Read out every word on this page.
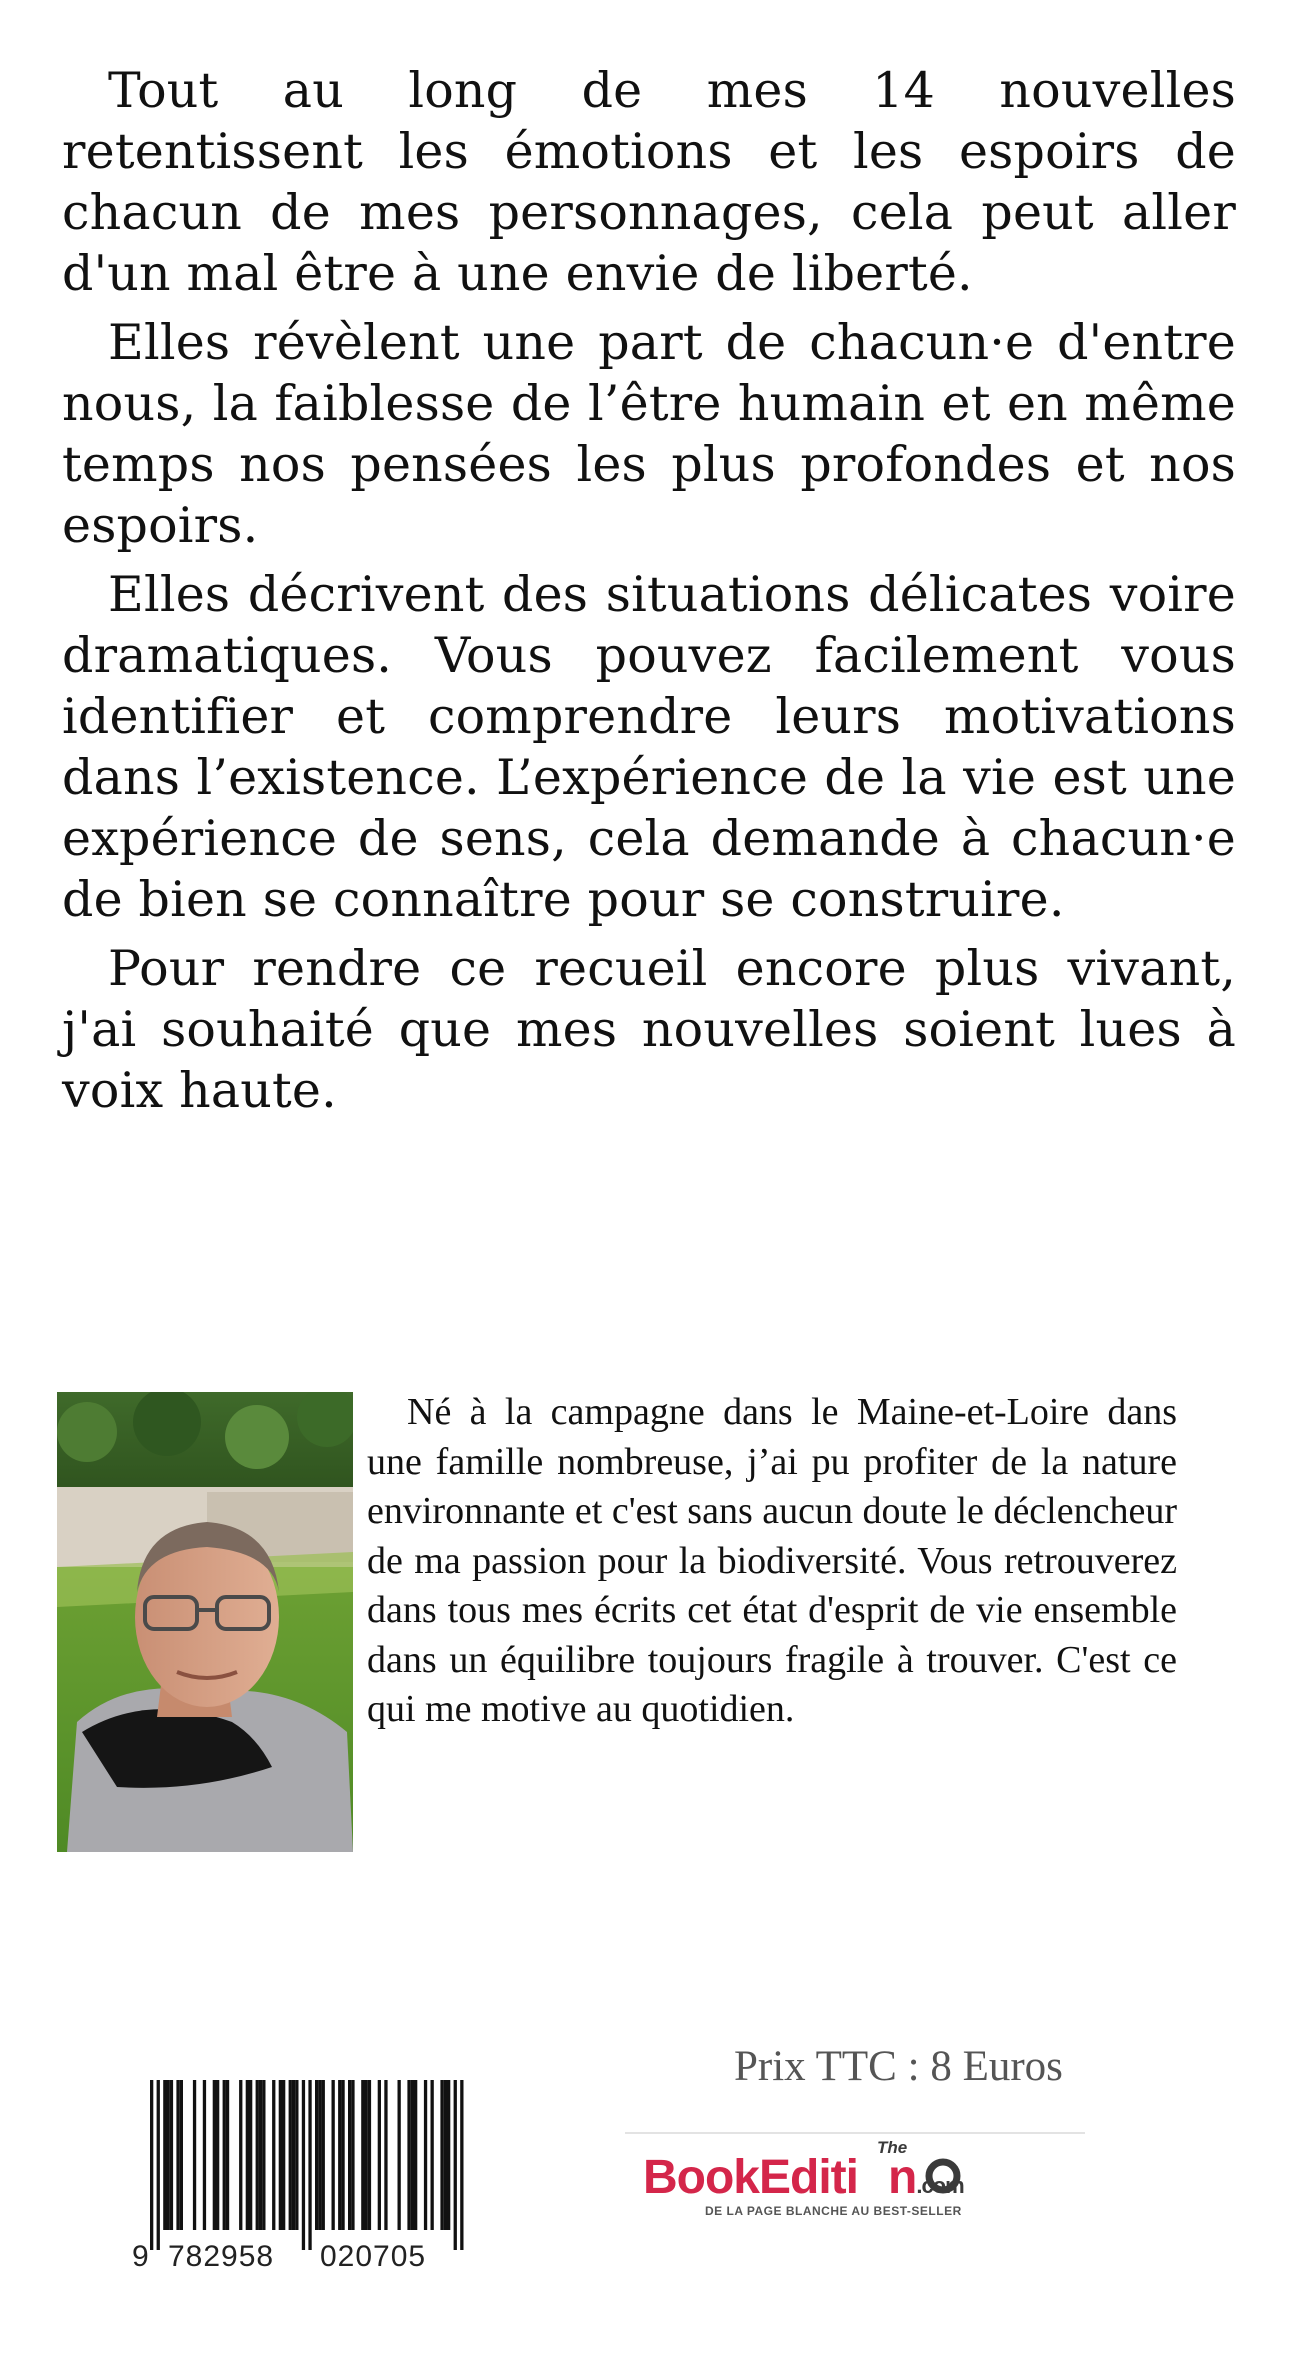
Tout au long de mes 14 nouvelles retentissent les émotions et les espoirs de chacun de mes personnages, cela peut aller d'un mal être à une envie de liberté.

Elles révèlent une part de chacun·e d'entre nous, la faiblesse de l’être humain et en même temps nos pensées les plus profondes et nos espoirs.

Elles décrivent des situations délicates voire dramatiques. Vous pouvez facilement vous identifier et comprendre leurs motivations dans l’existence. L’expérience de la vie est une expérience de sens, cela demande à chacun·e de bien se connaître pour se construire.

Pour rendre ce recueil encore plus vivant, j'ai souhaité que mes nouvelles soient lues à voix haute.

Né à la campagne dans le Maine-et-Loire dans une famille nombreuse, j’ai pu profiter de la nature environnante et c'est sans aucun doute le déclencheur de ma passion pour la biodiversité. Vous retrouverez dans tous mes écrits cet état d'esprit de vie ensemble dans un équilibre toujours fragile à trouver. C'est ce qui me motive au quotidien.

Prix TTC : 8 Euros
9 782958 020705
The
BookEditi n.com
DE LA PAGE BLANCHE AU BEST-SELLER
